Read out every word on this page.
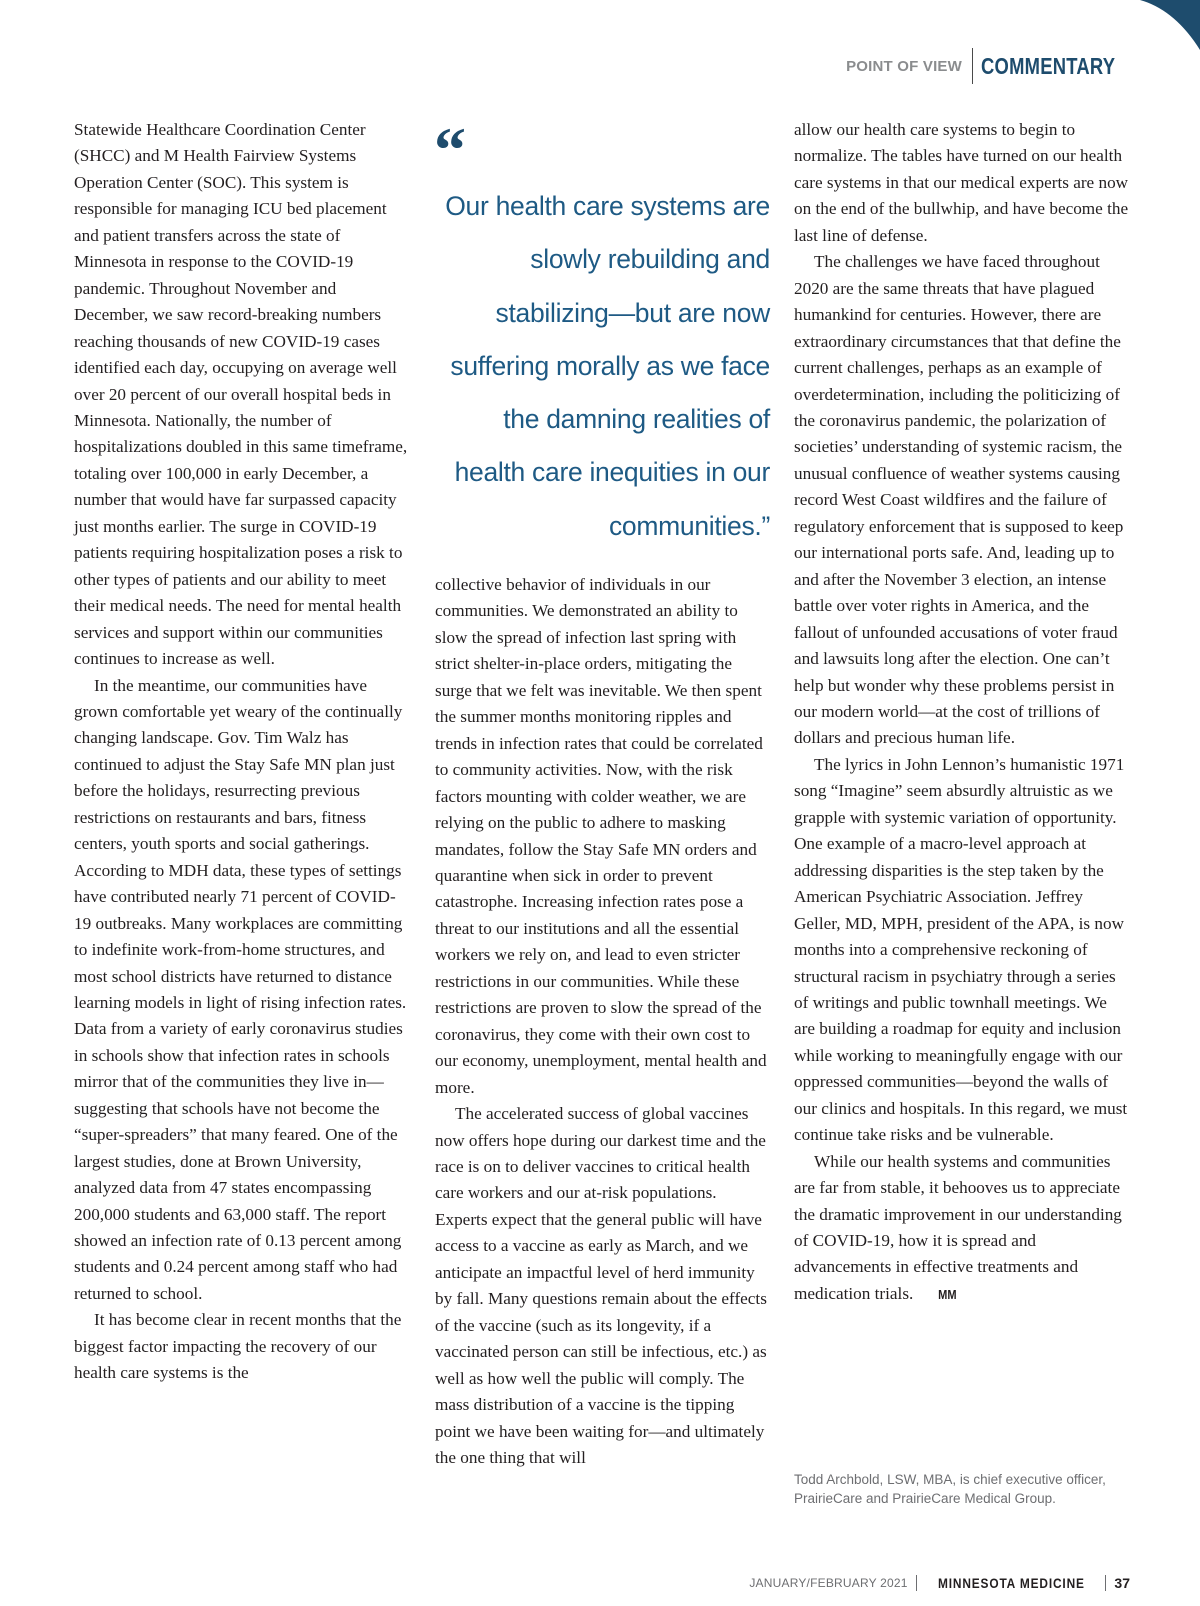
POINT OF VIEW COMMENTARY

Statewide Healthcare Coordination Center (SHCC) and M Health Fairview Systems Operation Center (SOC). This system is responsible for managing ICU bed placement and patient transfers across the state of Minnesota in response to the COVID-19 pandemic. Throughout November and December, we saw record-breaking numbers reaching thousands of new COVID-19 cases identified each day, occupying on average well over 20 percent of our overall hospital beds in Minnesota. Nationally, the number of hospitalizations doubled in this same timeframe, totaling over 100,000 in early December, a number that would have far surpassed capacity just months earlier. The surge in COVID-19 patients requiring hospitalization poses a risk to other types of patients and our ability to meet their medical needs. The need for mental health services and support within our communities continues to increase as well.

In the meantime, our communities have grown comfortable yet weary of the continually changing landscape. Gov. Tim Walz has continued to adjust the Stay Safe MN plan just before the holidays, resurrecting previous restrictions on restaurants and bars, fitness centers, youth sports and social gatherings. According to MDH data, these types of settings have contributed nearly 71 percent of COVID-19 outbreaks. Many workplaces are committing to indefinite work-from-home structures, and most school districts have returned to distance learning models in light of rising infection rates. Data from a variety of early coronavirus studies in schools show that infection rates in schools mirror that of the communities they live in—suggesting that schools have not become the “super-spreaders” that many feared. One of the largest studies, done at Brown University, analyzed data from 47 states encompassing 200,000 students and 63,000 staff. The report showed an infection rate of 0.13 percent among students and 0.24 percent among staff who had returned to school.

It has become clear in recent months that the biggest factor impacting the recovery of our health care systems is the

“
Our health care systems are slowly rebuilding and stabilizing—but are now suffering morally as we face the damning realities of health care inequities in our communities.”

collective behavior of individuals in our communities. We demonstrated an ability to slow the spread of infection last spring with strict shelter-in-place orders, mitigating the surge that we felt was inevitable. We then spent the summer months monitoring ripples and trends in infection rates that could be correlated to community activities. Now, with the risk factors mounting with colder weather, we are relying on the public to adhere to masking mandates, follow the Stay Safe MN orders and quarantine when sick in order to prevent catastrophe. Increasing infection rates pose a threat to our institutions and all the essential workers we rely on, and lead to even stricter restrictions in our communities. While these restrictions are proven to slow the spread of the coronavirus, they come with their own cost to our economy, unemployment, mental health and more.

The accelerated success of global vaccines now offers hope during our darkest time and the race is on to deliver vaccines to critical health care workers and our at-risk populations. Experts expect that the general public will have access to a vaccine as early as March, and we anticipate an impactful level of herd immunity by fall. Many questions remain about the effects of the vaccine (such as its longevity, if a vaccinated person can still be infectious, etc.) as well as how well the public will comply. The mass distribution of a vaccine is the tipping point we have been waiting for—and ultimately the one thing that will

allow our health care systems to begin to normalize. The tables have turned on our health care systems in that our medical experts are now on the end of the bullwhip, and have become the last line of defense.

The challenges we have faced throughout 2020 are the same threats that have plagued humankind for centuries. However, there are extraordinary circumstances that that define the current challenges, perhaps as an example of overdetermination, including the politicizing of the coronavirus pandemic, the polarization of societies’ understanding of systemic racism, the unusual confluence of weather systems causing record West Coast wildfires and the failure of regulatory enforcement that is supposed to keep our international ports safe. And, leading up to and after the November 3 election, an intense battle over voter rights in America, and the fallout of unfounded accusations of voter fraud and lawsuits long after the election. One can’t help but wonder why these problems persist in our modern world—at the cost of trillions of dollars and precious human life.

The lyrics in John Lennon’s humanistic 1971 song “Imagine” seem absurdly altruistic as we grapple with systemic variation of opportunity. One example of a macro-level approach at addressing disparities is the step taken by the American Psychiatric Association. Jeffrey Geller, MD, MPH, president of the APA, is now months into a comprehensive reckoning of structural racism in psychiatry through a series of writings and public townhall meetings. We are building a roadmap for equity and inclusion while working to meaningfully engage with our oppressed communities—beyond the walls of our clinics and hospitals. In this regard, we must continue take risks and be vulnerable.

While our health systems and communities are far from stable, it behooves us to appreciate the dramatic improvement in our understanding of COVID-19, how it is spread and advancements in effective treatments and medication trials. MM

Todd Archbold, LSW, MBA, is chief executive officer, PrairieCare and PrairieCare Medical Group.
JANUARY/FEBRUARY 2021 MINNESOTA MEDICINE 37
